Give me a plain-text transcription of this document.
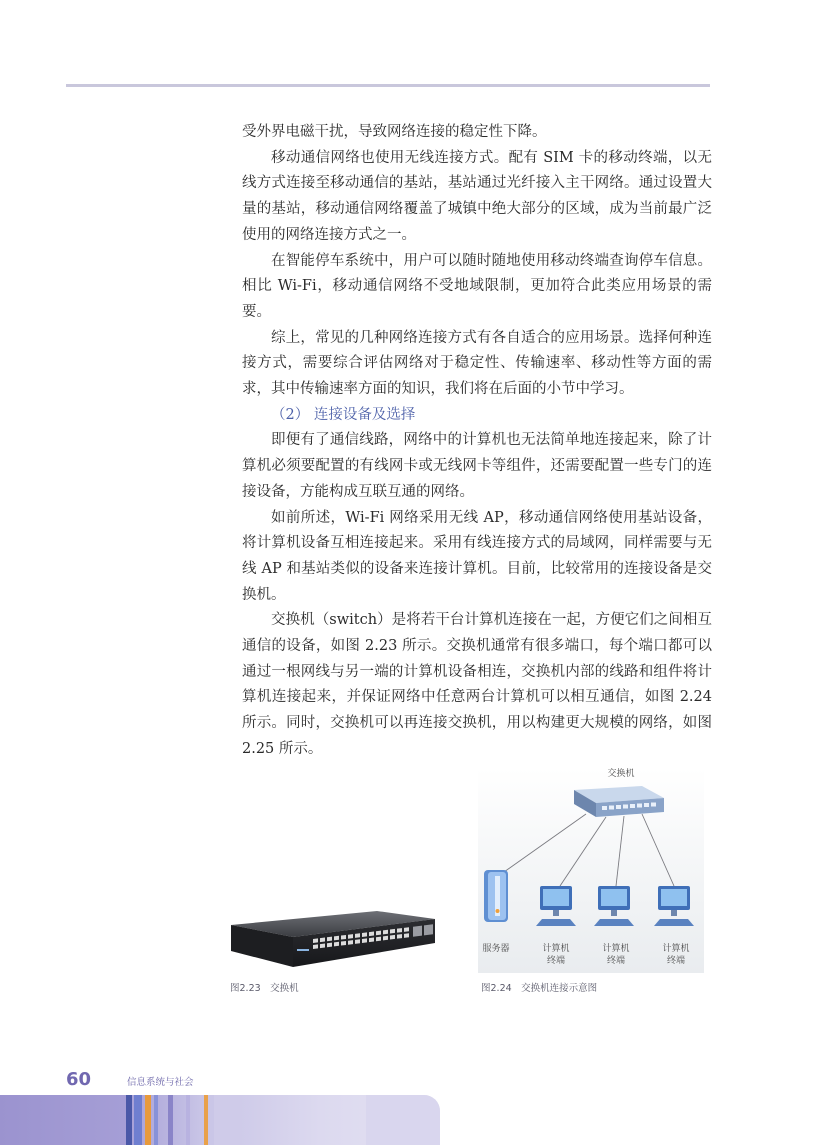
受外界电磁干扰，导致网络连接的稳定性下降。

移动通信网络也使用无线连接方式。配有 SIM 卡的移动终端，以无线方式连接至移动通信的基站，基站通过光纤接入主干网络。通过设置大量的基站，移动通信网络覆盖了城镇中绝大部分的区域，成为当前最广泛使用的网络连接方式之一。

在智能停车系统中，用户可以随时随地使用移动终端查询停车信息。相比 Wi-Fi，移动通信网络不受地域限制，更加符合此类应用场景的需要。

综上，常见的几种网络连接方式有各自适合的应用场景。选择何种连接方式，需要综合评估网络对于稳定性、传输速率、移动性等方面的需求，其中传输速率方面的知识，我们将在后面的小节中学习。

（2） 连接设备及选择

即便有了通信线路，网络中的计算机也无法简单地连接起来，除了计算机必须要配置的有线网卡或无线网卡等组件，还需要配置一些专门的连接设备，方能构成互联互通的网络。

如前所述，Wi-Fi 网络采用无线 AP，移动通信网络使用基站设备，将计算机设备互相连接起来。采用有线连接方式的局域网，同样需要与无线 AP 和基站类似的设备来连接计算机。目前，比较常用的连接设备是交换机。

交换机（switch）是将若干台计算机连接在一起，方便它们之间相互通信的设备，如图 2.23 所示。交换机通常有很多端口，每个端口都可以通过一根网线与另一端的计算机设备相连，交换机内部的线路和组件将计算机连接起来，并保证网络中任意两台计算机可以相互通信，如图 2.24 所示。同时，交换机可以再连接交换机，用以构建更大规模的网络，如图 2.25 所示。

图2.23　交换机
交换机
服务器	计算机
终端
计算机
终端
计算机
终端
图2.24　交换机连接示意图
60	信息系统与社会
